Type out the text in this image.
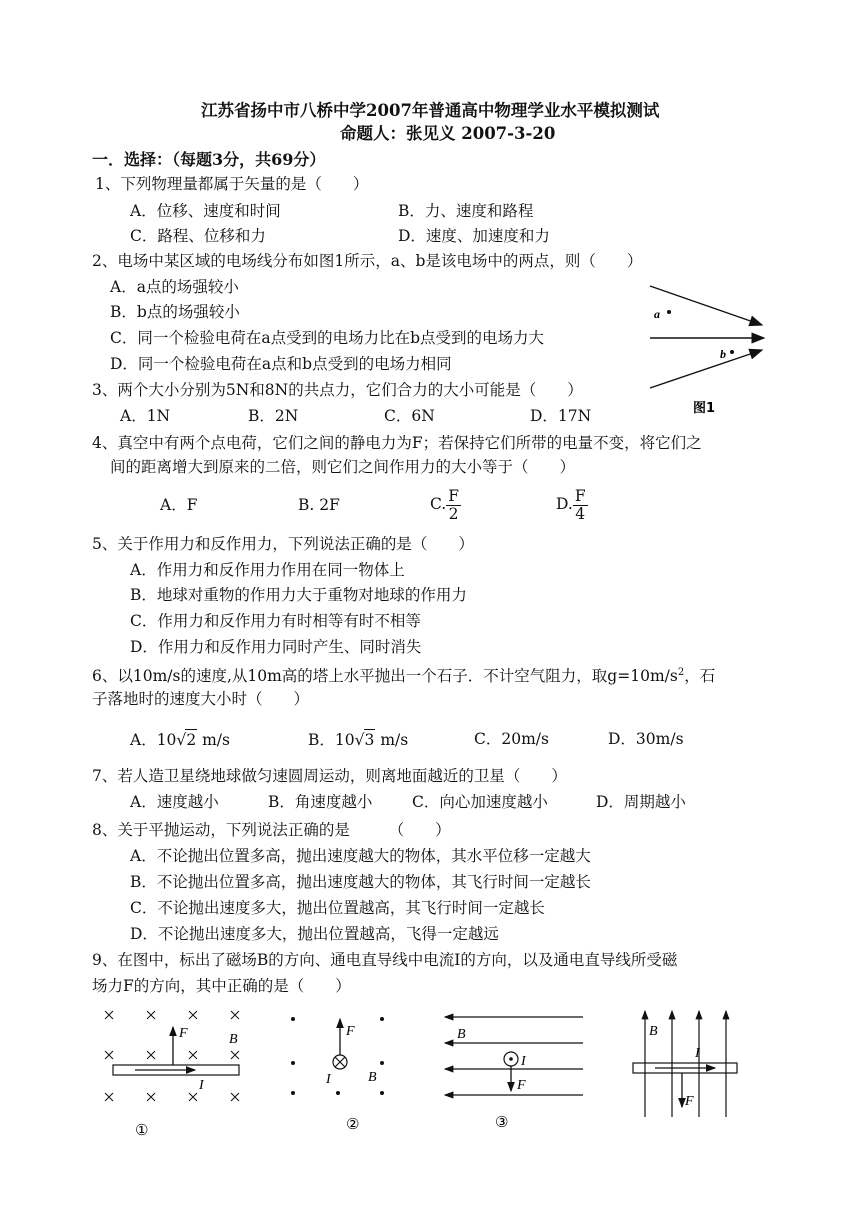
江苏省扬中市八桥中学2007年普通高中物理学业水平模拟测试
命题人：张见义 2007-3-20
一．选择：（每题3分，共69分）
1、下列物理量都属于矢量的是（　　）
A．位移、速度和时间	B．力、速度和路程
C．路程、位移和力	D．速度、加速度和力
2、电场中某区域的电场线分布如图1所示，a、b是该电场中的两点，则（　　）
A．a点的场强较小
B．b点的场强较小
C．同一个检验电荷在a点受到的电场力比在b点受到的电场力大
D．同一个检验电荷在a点和b点受到的电场力相同
a
b
图1
3、两个大小分别为5N和8N的共点力，它们合力的大小可能是（　　）
A．1N	B．2N	C．6N	D．17N
4、真空中有两个点电荷，它们之间的静电力为F；若保持它们所带的电量不变，将它们之
间的距离增大到原来的二倍，则它们之间作用力的大小等于（　　）
A．F	B. 2F	C. $\frac{F}{2}$	D. $\frac{F}{4}$
5、关于作用力和反作用力，下列说法正确的是（　　）
A．作用力和反作用力作用在同一物体上
B．地球对重物的作用力大于重物对地球的作用力
C．作用力和反作用力有时相等有时不相等
D．作用力和反作用力同时产生、同时消失
6、以10m/s的速度,从10m高的塔上水平抛出一个石子．不计空气阻力，取$g=10m/s^2$，石
子落地时的速度大小时（　　）
A．10√2 m/s	B．10√3 m/s	C．20m/s	D．30m/s
7、若人造卫星绕地球做匀速圆周运动，则离地面越近的卫星（　　）
A．速度越小	B．角速度越小	C．向心加速度越小	D．周期越小
8、关于平抛运动，下列说法正确的是　　　（　　）
A．不论抛出位置多高，抛出速度越大的物体，其水平位移一定越大
B．不论抛出位置多高，抛出速度越大的物体，其飞行时间一定越长
C．不论抛出速度多大，抛出位置越高，其飞行时间一定越长
D．不论抛出速度多大，抛出位置越高，飞得一定越远
9、在图中，标出了磁场B的方向、通电直导线中电流I的方向，以及通电直导线所受磁
场力F的方向，其中正确的是（　　）
F	B
I
①
F
I	B
②
B
I
F
③
B
I
F
